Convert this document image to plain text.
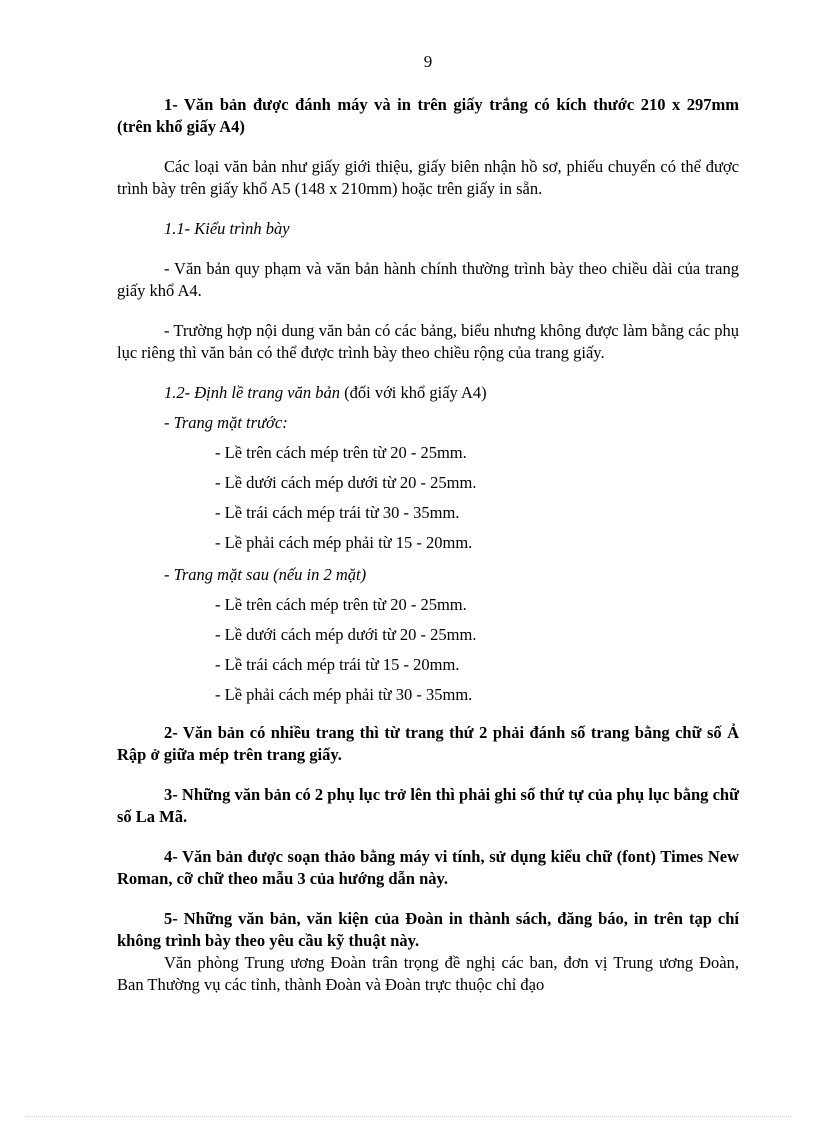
9

1- Văn bản được đánh máy và in trên giấy trắng có kích thước 210 x 297mm (trên khổ giấy A4)

Các loại văn bản như giấy giới thiệu, giấy biên nhận hồ sơ, phiếu chuyển có thể được trình bày trên giấy khổ A5 (148 x 210mm) hoặc trên giấy in sẵn.

1.1- Kiểu trình bày

- Văn bản quy phạm và văn bản hành chính thường trình bày theo chiều dài của trang giấy khổ A4.

- Trường hợp nội dung văn bản có các bảng, biểu nhưng không được làm bằng các phụ lục riêng thì văn bản có thể được trình bày theo chiều rộng của trang giấy.

1.2- Định lề trang văn bản (đối với khổ giấy A4)

- Trang mặt trước:

- Lề trên cách mép trên từ 20 - 25mm.
- Lề dưới cách mép dưới từ 20 - 25mm.
- Lề trái cách mép trái từ 30 - 35mm.
- Lề phải cách mép phải từ 15 - 20mm.

- Trang mặt sau (nếu in 2 mặt)

- Lề trên cách mép trên từ 20 - 25mm.
- Lề dưới cách mép dưới từ 20 - 25mm.
- Lề trái cách mép trái từ 15 - 20mm.
- Lề phải cách mép phải từ 30 - 35mm.

2- Văn bản có nhiều trang thì từ trang thứ 2 phải đánh số trang bằng chữ số Ả Rập ở giữa mép trên trang giấy.

3- Những văn bản có 2 phụ lục trở lên thì phải ghi số thứ tự của phụ lục bằng chữ số La Mã.

4- Văn bản được soạn thảo bằng máy vi tính, sử dụng kiểu chữ (font) Times New Roman, cỡ chữ theo mẫu 3 của hướng dẫn này.

5- Những văn bản, văn kiện của Đoàn in thành sách, đăng báo, in trên tạp chí không trình bày theo yêu cầu kỹ thuật này.

Văn phòng Trung ương Đoàn trân trọng đề nghị các ban, đơn vị Trung ương Đoàn, Ban Thường vụ các tỉnh, thành Đoàn và Đoàn trực thuộc chỉ đạo
